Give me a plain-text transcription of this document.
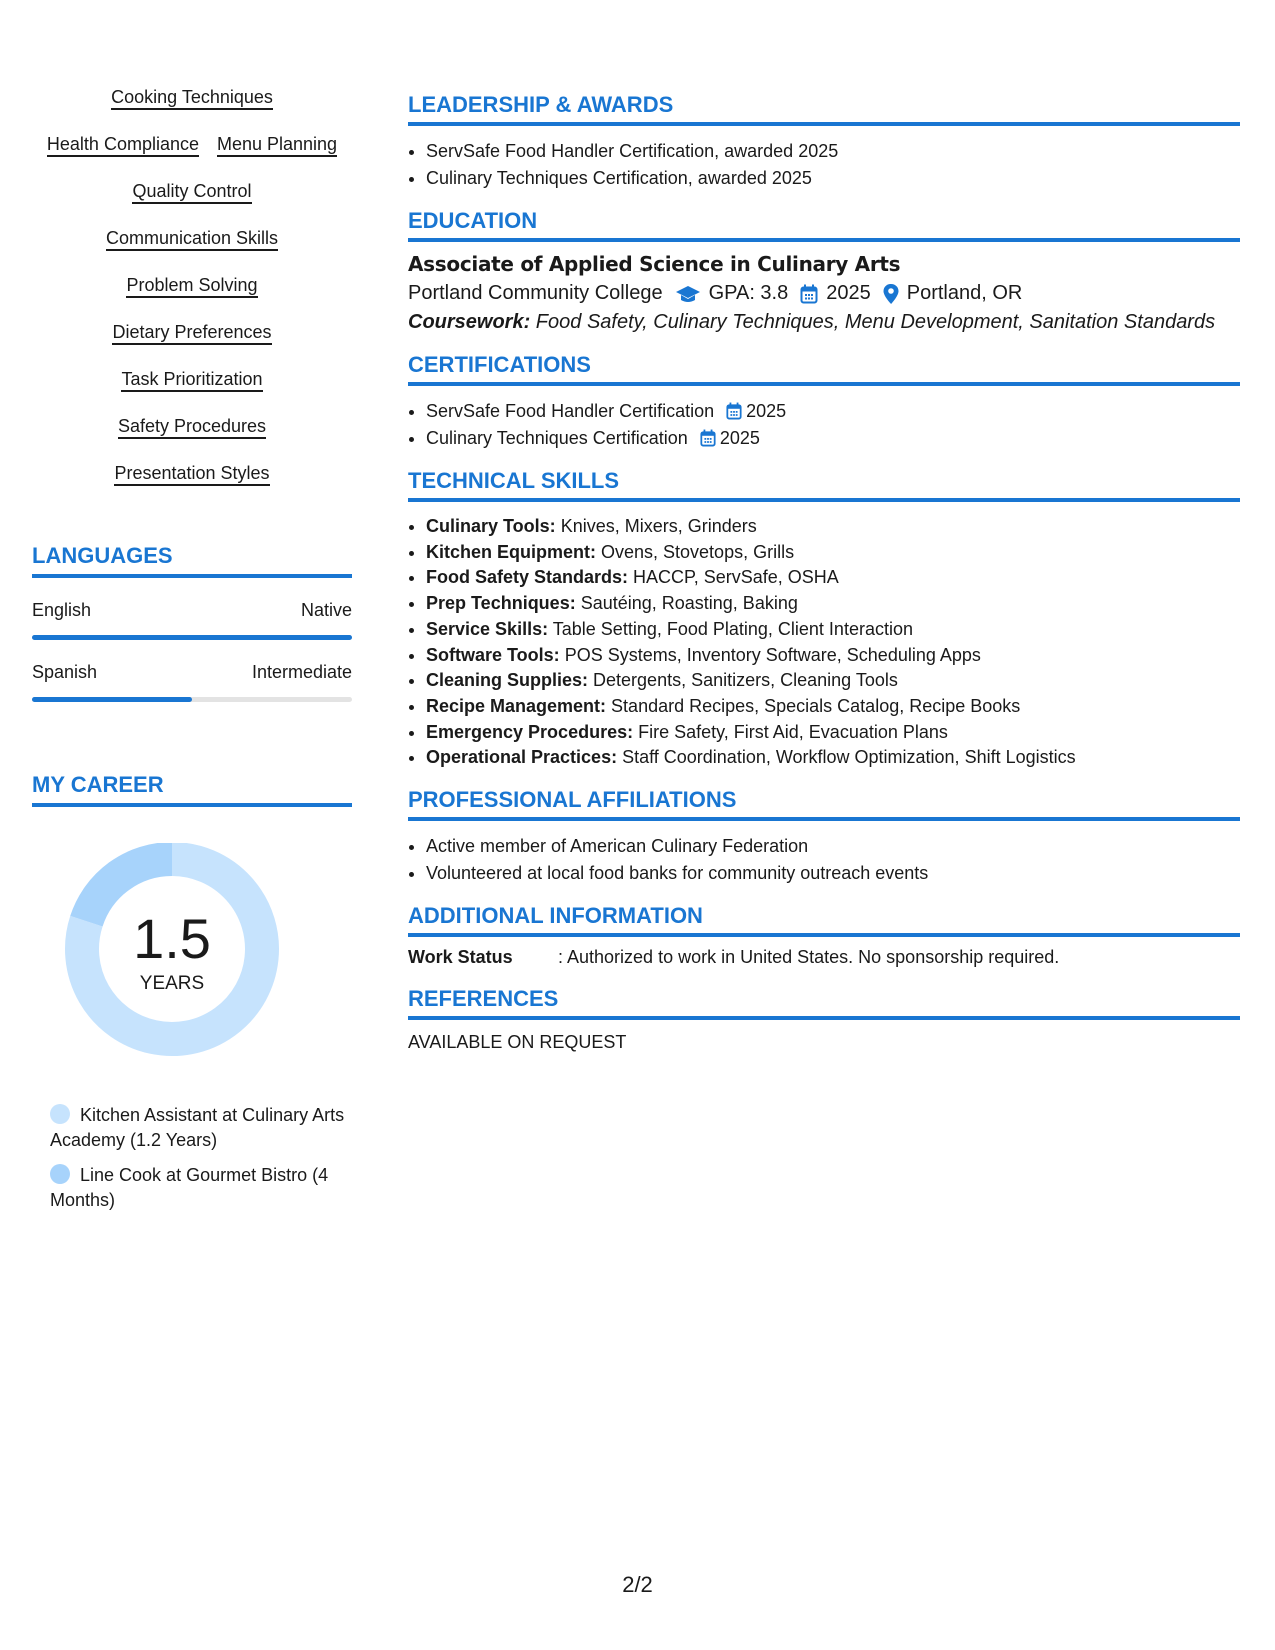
Cooking Techniques
Health Compliance Menu Planning
Quality Control
Communication Skills
Problem Solving
Dietary Preferences
Task Prioritization
Safety Procedures
Presentation Styles
LANGUAGES
English	Native
Spanish	Intermediate
MY CAREER
1.5
YEARS
Kitchen Assistant at Culinary Arts Academy (1.2 Years)
Line Cook at Gourmet Bistro (4 Months)
LEADERSHIP & AWARDS
• ServSafe Food Handler Certification, awarded 2025
• Culinary Techniques Certification, awarded 2025
EDUCATION
Associate of Applied Science in Culinary Arts
Portland Community College GPA: 3.8 2025 Portland, OR
Coursework: Food Safety, Culinary Techniques, Menu Development, Sanitation Standards
CERTIFICATIONS
• ServSafe Food Handler Certification 2025
• Culinary Techniques Certification 2025
TECHNICAL SKILLS
• Culinary Tools: Knives, Mixers, Grinders
• Kitchen Equipment: Ovens, Stovetops, Grills
• Food Safety Standards: HACCP, ServSafe, OSHA
• Prep Techniques: Sautéing, Roasting, Baking
• Service Skills: Table Setting, Food Plating, Client Interaction
• Software Tools: POS Systems, Inventory Software, Scheduling Apps
• Cleaning Supplies: Detergents, Sanitizers, Cleaning Tools
• Recipe Management: Standard Recipes, Specials Catalog, Recipe Books
• Emergency Procedures: Fire Safety, First Aid, Evacuation Plans
• Operational Practices: Staff Coordination, Workflow Optimization, Shift Logistics
PROFESSIONAL AFFILIATIONS
• Active member of American Culinary Federation
• Volunteered at local food banks for community outreach events
ADDITIONAL INFORMATION
Work Status	: Authorized to work in United States. No sponsorship required.
REFERENCES
AVAILABLE ON REQUEST
2/2
